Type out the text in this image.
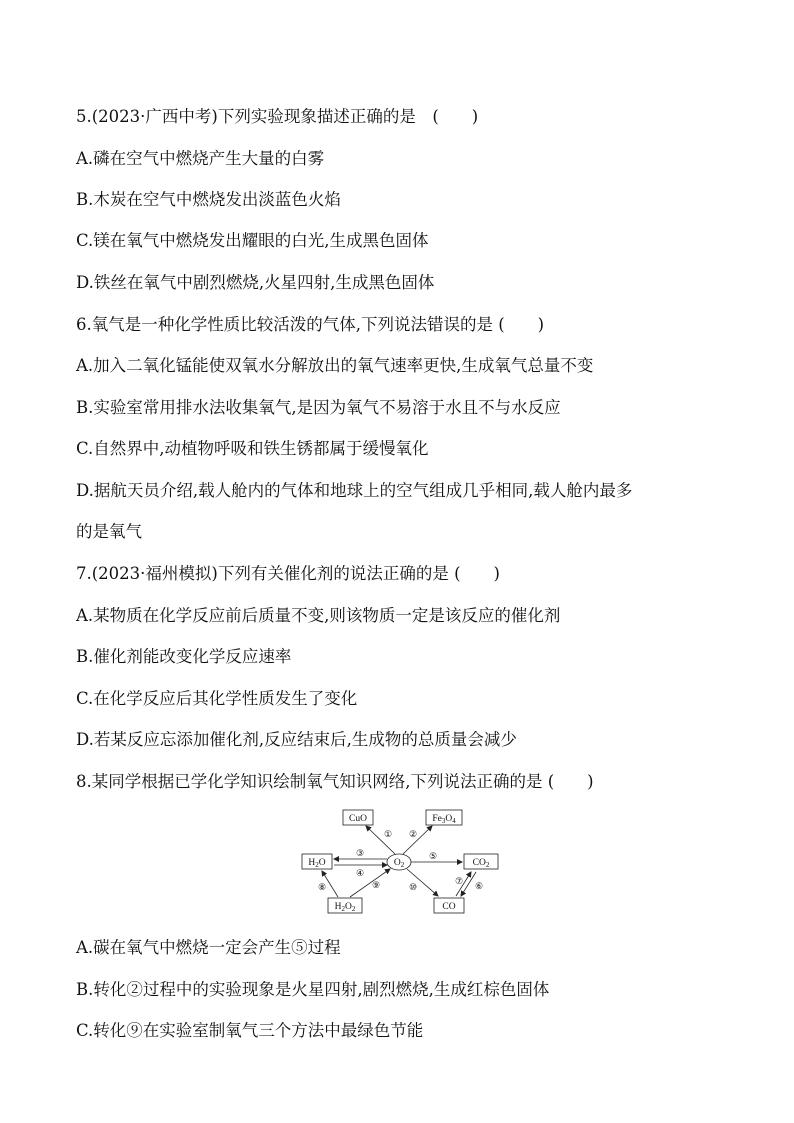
5.(2023·广西中考)下列实验现象描述正确的是　(　　)
A.磷在空气中燃烧产生大量的白雾
B.木炭在空气中燃烧发出淡蓝色火焰
C.镁在氧气中燃烧发出耀眼的白光,生成黑色固体
D.铁丝在氧气中剧烈燃烧,火星四射,生成黑色固体
6.氧气是一种化学性质比较活泼的气体,下列说法错误的是 (　　)
A.加入二氧化锰能使双氧水分解放出的氧气速率更快,生成氧气总量不变
B.实验室常用排水法收集氧气,是因为氧气不易溶于水且不与水反应
C.自然界中,动植物呼吸和铁生锈都属于缓慢氧化
D.据航天员介绍,载人舱内的气体和地球上的空气组成几乎相同,载人舱内最多
的是氧气
7.(2023·福州模拟)下列有关催化剂的说法正确的是 (　　)
A.某物质在化学反应前后质量不变,则该物质一定是该反应的催化剂
B.催化剂能改变化学反应速率
C.在化学反应后其化学性质发生了变化
D.若某反应忘添加催化剂,反应结束后,生成物的总质量会减少
8.某同学根据已学化学知识绘制氧气知识网络,下列说法正确的是 (　　)
CuO	$Fe_3O_4$
$O_2$
$H_2O$	$CO_2$
$H_2O_2$	CO
① ②
③
④
⑤
⑥
⑦
⑧	⑨	⑩
A.碳在氧气中燃烧一定会产生⑤过程
B.转化②过程中的实验现象是火星四射,剧烈燃烧,生成红棕色固体
C.转化⑨在实验室制氧气三个方法中最绿色节能
